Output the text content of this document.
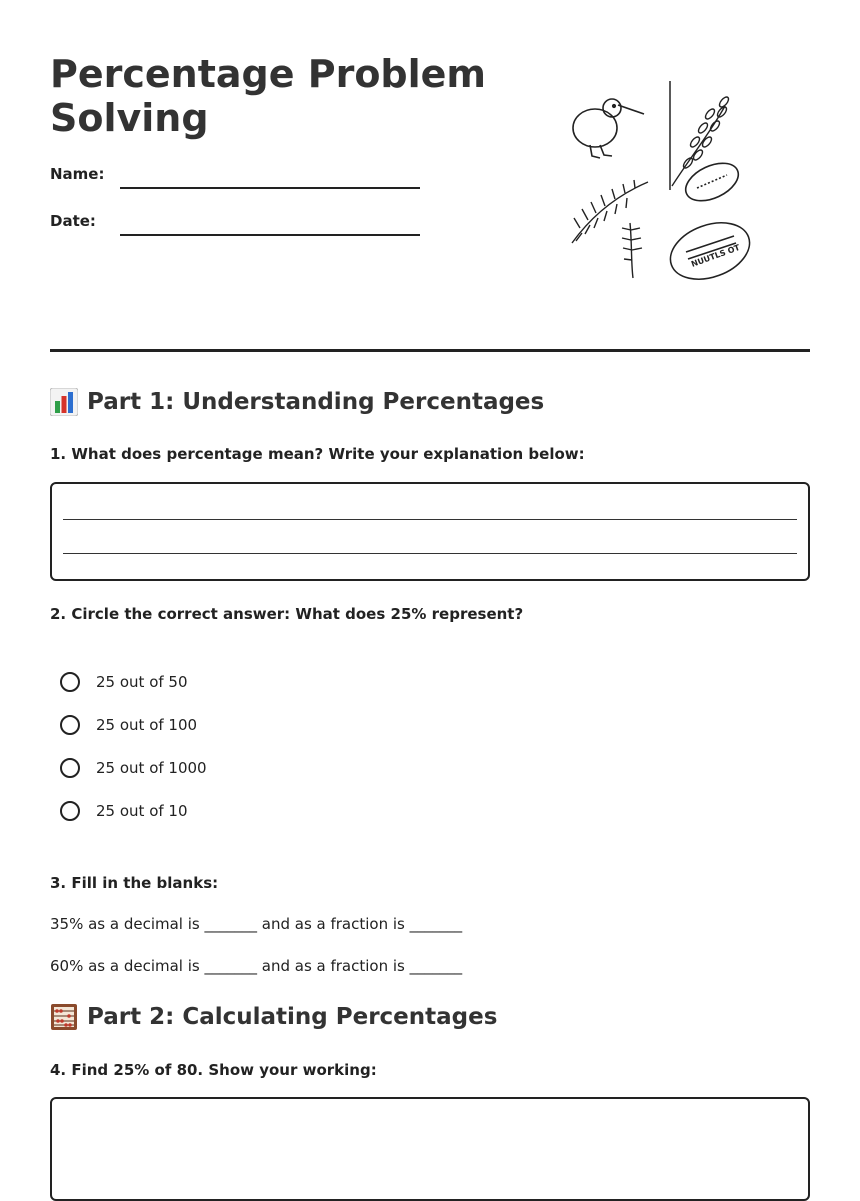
Percentage Problem Solving
Name:
Date:
NUUTLS OT
Part 1: Understanding Percentages
1. What does percentage mean? Write your explanation below:
2. Circle the correct answer: What does 25% represent?
25 out of 50
25 out of 100
25 out of 1000
25 out of 10
3. Fill in the blanks:
35% as a decimal is _______ and as a fraction is _______
60% as a decimal is _______ and as a fraction is _______
Part 2: Calculating Percentages
4. Find 25% of 80. Show your working:
